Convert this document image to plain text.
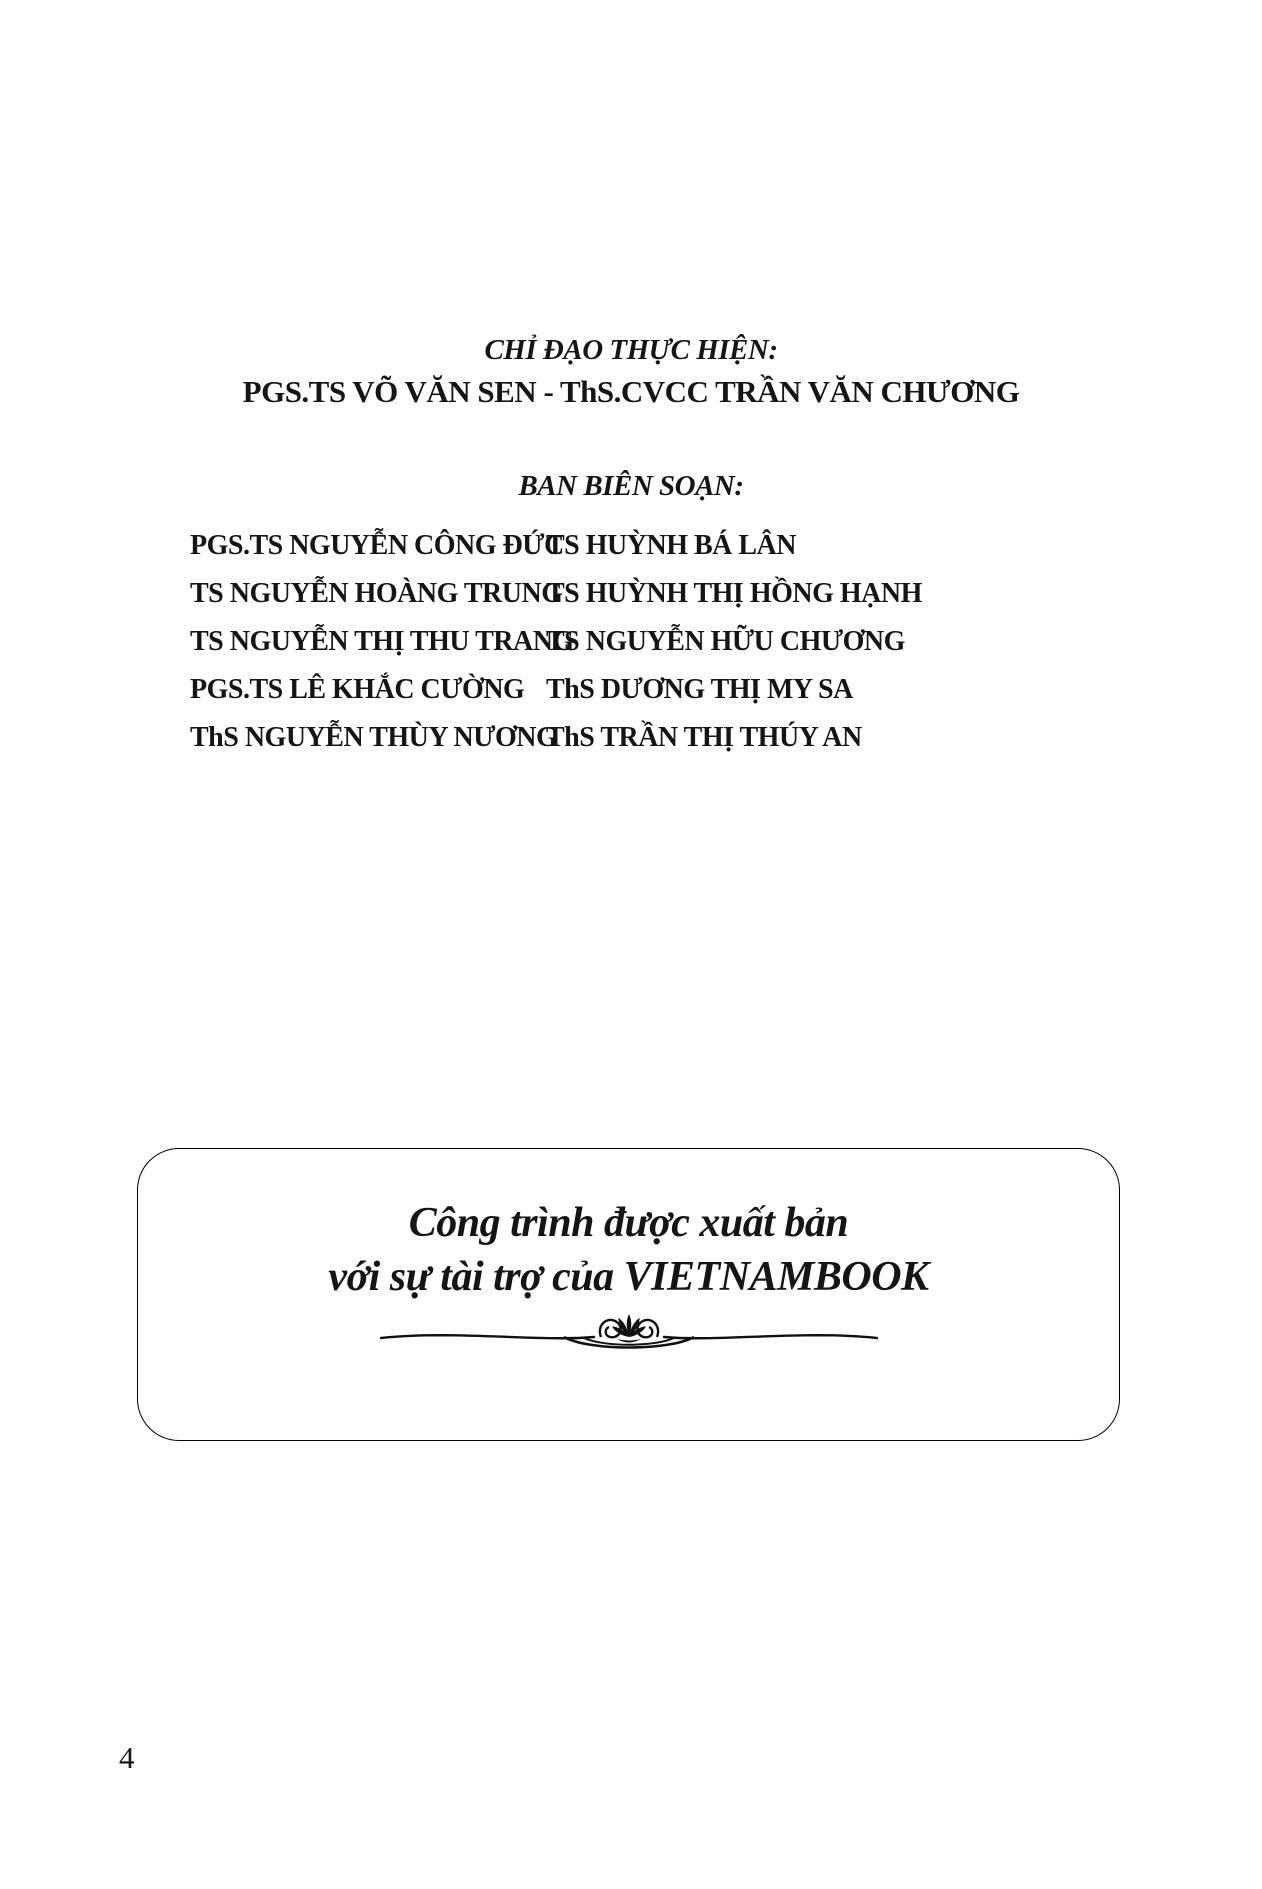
CHỈ ĐẠO THỰC HIỆN:
PGS.TS VÕ VĂN SEN - ThS.CVCC TRẦN VĂN CHƯƠNG
BAN BIÊN SOẠN:
PGS.TS NGUYỄN CÔNG ĐỨC
TS HUỲNH BÁ LÂN
TS NGUYỄN HOÀNG TRUNG
TS HUỲNH THỊ HỒNG HẠNH
TS NGUYỄN THỊ THU TRANG
TS NGUYỄN HỮU CHƯƠNG
PGS.TS LÊ KHẮC CƯỜNG ThS DƯƠNG THỊ MY SA
ThS NGUYỄN THÙY NƯƠNG
ThS TRẦN THỊ THÚY AN
Công trình được xuất bản
với sự tài trợ của VIETNAMBOOK
4
